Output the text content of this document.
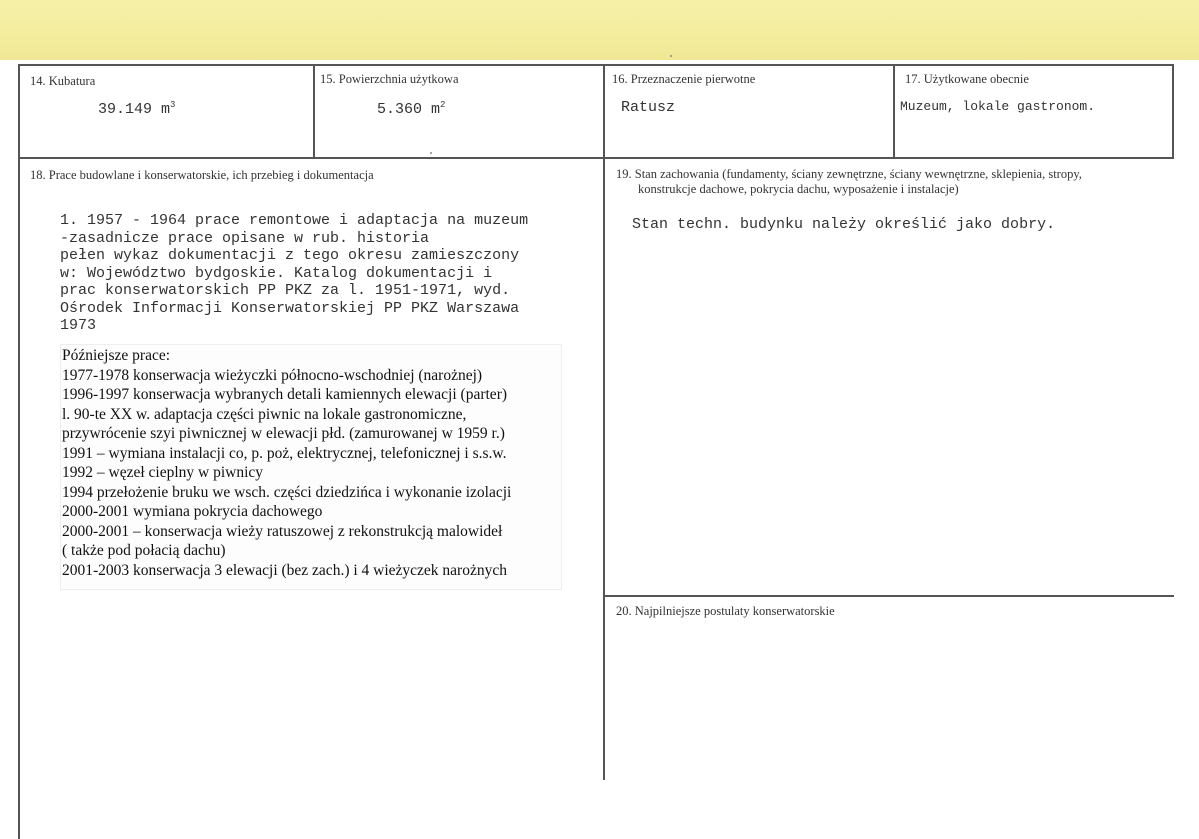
14. Kubatura
39.149 $m^3$
15. Powierzchnia użytkowa
5.360 $m^2$
16. Przeznaczenie pierwotne
Ratusz
17. Użytkowane obecnie
Muzeum, lokale gastronom.
18. Prace budowlane i konserwatorskie, ich przebieg i dokumentacja
1. 1957 - 1964 prace remontowe i adaptacja na muzeum
-zasadnicze prace opisane w rub. historia
pełen wykaz dokumentacji z tego okresu zamieszczony
w: Województwo bydgoskie. Katalog dokumentacji i
prac konserwatorskich PP PKZ za l. 1951-1971, wyd.
Ośrodek Informacji Konserwatorskiej PP PKZ Warszawa
1973
Późniejsze prace:
1977-1978 konserwacja wieżyczki północno-wschodniej (narożnej)
1996-1997 konserwacja wybranych detali kamiennych elewacji (parter)
l. 90-te XX w. adaptacja części piwnic na lokale gastronomiczne,
przywrócenie szyi piwnicznej w elewacji płd. (zamurowanej w 1959 r.)
1991 – wymiana instalacji co, p. poż, elektrycznej, telefonicznej i s.s.w.
1992 – węzeł cieplny w piwnicy
1994 przełożenie bruku we wsch. części dziedzińca i wykonanie izolacji
2000-2001 wymiana pokrycia dachowego
2000-2001 – konserwacja wieży ratuszowej z rekonstrukcją malowideł
( także pod połacią dachu)
2001-2003 konserwacja 3 elewacji (bez zach.) i 4 wieżyczek narożnych
19. Stan zachowania (fundamenty, ściany zewnętrzne, ściany wewnętrzne, sklepienia, stropy,
konstrukcje dachowe, pokrycia dachu, wyposażenie i instalacje)
Stan techn. budynku należy określić jako dobry.
20. Najpilniejsze postulaty konserwatorskie
